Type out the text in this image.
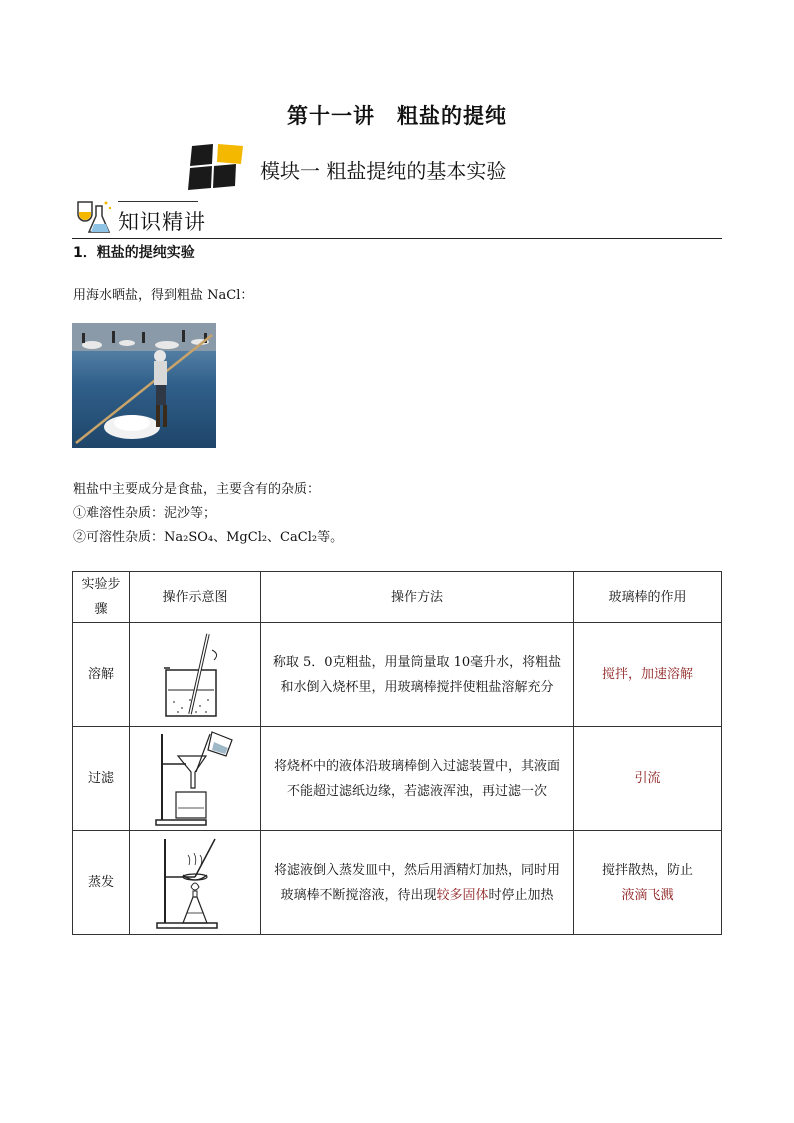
第十一讲　粗盐的提纯
模块一 粗盐提纯的基本实验
知识精讲
1．粗盐的提纯实验
用海水晒盐，得到粗盐 NaCl：
粗盐中主要成分是食盐，主要含有的杂质：
①难溶性杂质：泥沙等；
②可溶性杂质：Na₂SO₄、MgCl₂、CaCl₂等。
实验步骤	操作示意图	操作方法	玻璃棒的作用
溶解		称取 5．0克粗盐，用量筒量取 10毫升水，将粗盐和水倒入烧杯里，用玻璃棒搅拌使粗盐溶解充分	搅拌，加速溶解
过滤		将烧杯中的液体沿玻璃棒倒入过滤装置中，其液面不能超过滤纸边缘，若滤液浑浊，再过滤一次	引流
蒸发		将滤液倒入蒸发皿中，然后用酒精灯加热，同时用玻璃棒不断搅溶液，待出现较多固体时停止加热	搅拌散热，防止
液滴飞溅
